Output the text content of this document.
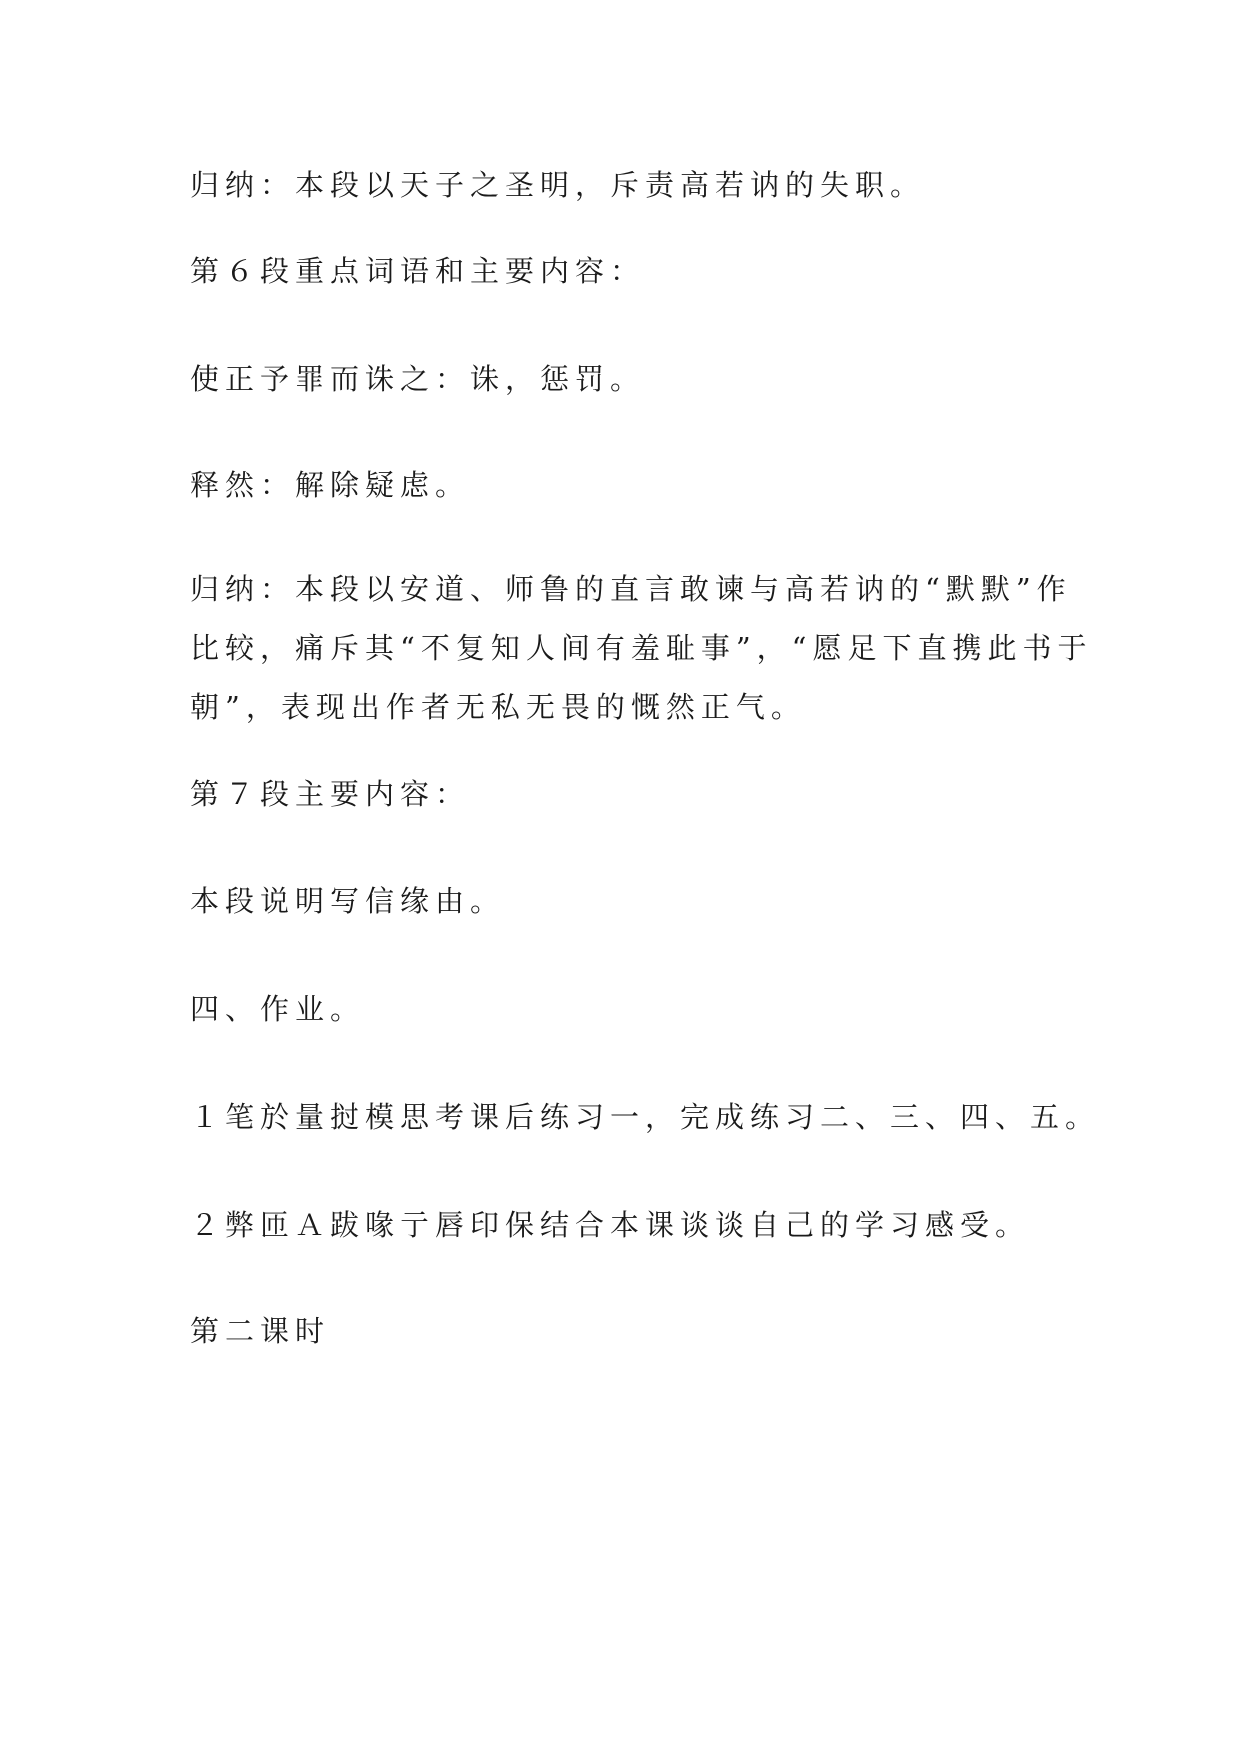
归纳：本段以天子之圣明，斥责高若讷的失职。

第６段重点词语和主要内容：

使正予罪而诛之：诛，惩罚。

释然：解除疑虑。

归纳：本段以安道、师鲁的直言敢谏与高若讷的“默默”作

比较，痛斥其“不复知人间有羞耻事”，“愿足下直携此书于

朝”，表现出作者无私无畏的慨然正气。

第７段主要内容：

本段说明写信缘由。

四、作业。

１笔於量挝模思考课后练习一，完成练习二、三、四、五。

２弊匝Ａ跋喙亍唇印保结合本课谈谈自己的学习感受。

第二课时
